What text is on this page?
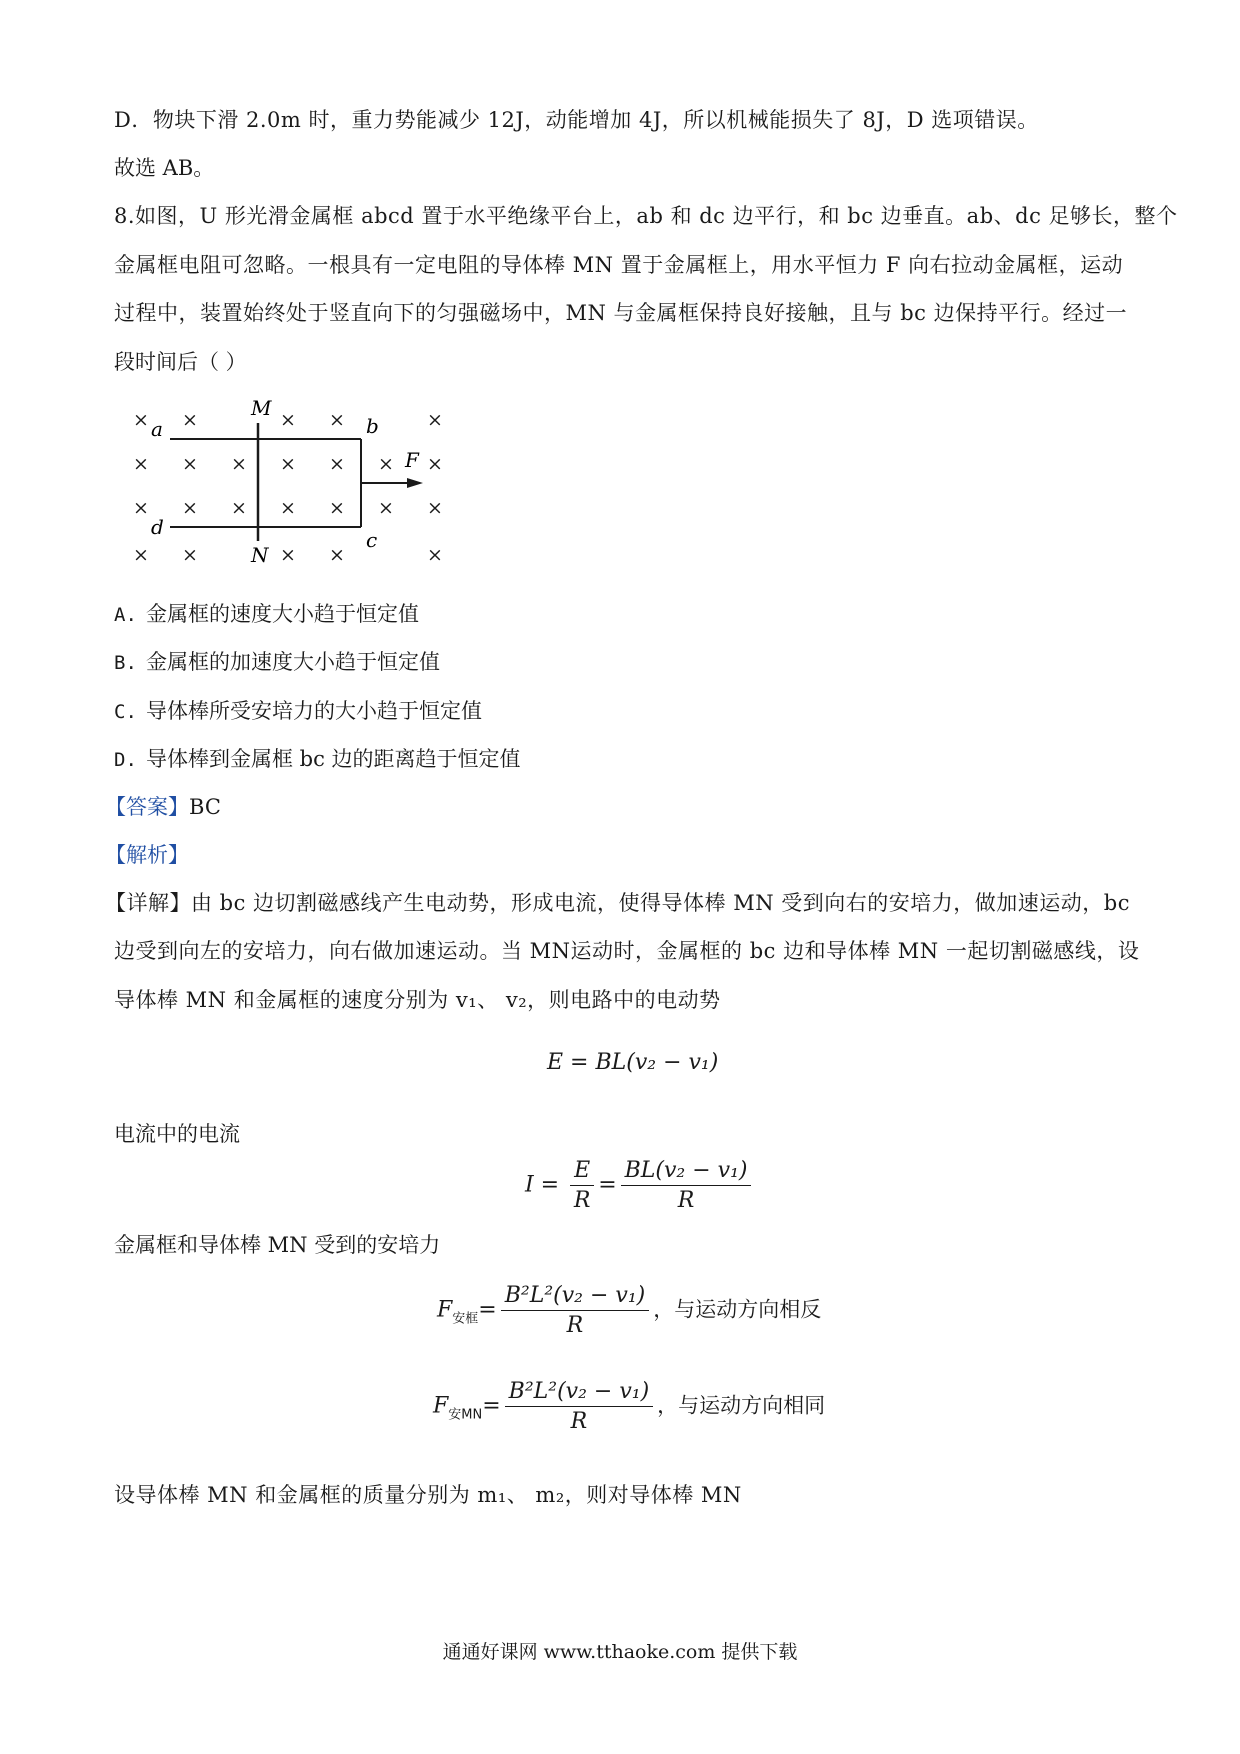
D．物块下滑 2.0m 时，重力势能减少 12J，动能增加 4J，所以机械能损失了 8J，D 选项错误。
故选 AB。
8.如图，U 形光滑金属框 abcd 置于水平绝缘平台上，ab 和 dc 边平行，和 bc 边垂直。ab、dc 足够长，整个
金属框电阻可忽略。一根具有一定电阻的导体棒 MN 置于金属框上，用水平恒力 F 向右拉动金属框，运动
过程中，装置始终处于竖直向下的匀强磁场中，MN 与金属框保持良好接触，且与 bc 边保持平行。经过一
段时间后（ ）
× ×	× ×	×
× × × × × × ×
× × × × × × ×
× ×	× ×	×
a	b
c
d
M
N
F
A. 金属框的速度大小趋于恒定值
B. 金属框的加速度大小趋于恒定值
C. 导体棒所受安培力的大小趋于恒定值
D. 导体棒到金属框 bc 边的距离趋于恒定值
【答案】BC
【解析】
【详解】由 bc 边切割磁感线产生电动势，形成电流，使得导体棒 MN 受到向右的安培力，做加速运动，bc
边受到向左的安培力，向右做加速运动。当 MN运动时，金属框的 bc 边和导体棒 MN 一起切割磁感线，设
导体棒 MN 和金属框的速度分别为 v₁、 v₂，则电路中的电动势
E = BL(v₂ − v₁)
电流中的电流
$I = \frac{E}{R} = \frac{\text{BL(v₂ − v₁)}}{R}$
金属框和导体棒 MN 受到的安培力
$F_{安框}= \frac{\text{B²L²(v₂ − v₁)}}{R}$ ，与运动方向相反
$F_{安MN}= \frac{\text{B²L²(v₂ − v₁)}}{R}$ ，与运动方向相同
设导体棒 MN 和金属框的质量分别为 m₁、 m₂，则对导体棒 MN
通通好课网 www.tthaoke.com 提供下载
